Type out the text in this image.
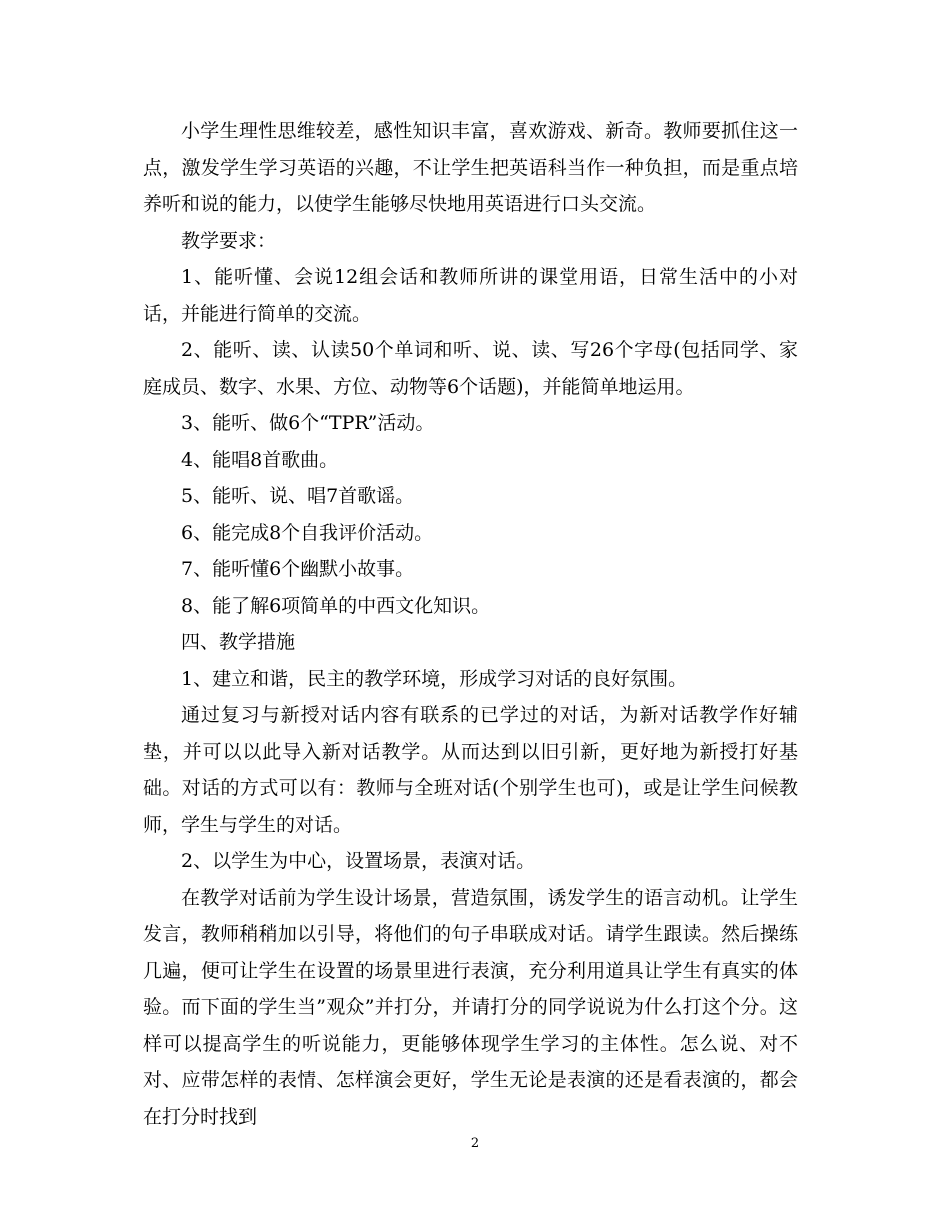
小学生理性思维较差，感性知识丰富，喜欢游戏、新奇。教师要抓住这一点，激发学生学习英语的兴趣，不让学生把英语科当作一种负担，而是重点培养听和说的能力，以使学生能够尽快地用英语进行口头交流。

教学要求：

1、能听懂、会说12组会话和教师所讲的课堂用语，日常生活中的小对话，并能进行简单的交流。

2、能听、读、认读50个单词和听、说、读、写26个字母(包括同学、家庭成员、数字、水果、方位、动物等6个话题)，并能简单地运用。

3、能听、做6个“TPR”活动。

4、能唱8首歌曲。

5、能听、说、唱7首歌谣。

6、能完成8个自我评价活动。

7、能听懂6个幽默小故事。

8、能了解6项简单的中西文化知识。

四、教学措施

1、建立和谐，民主的教学环境，形成学习对话的良好氛围。

通过复习与新授对话内容有联系的已学过的对话，为新对话教学作好辅垫，并可以以此导入新对话教学。从而达到以旧引新，更好地为新授打好基础。对话的方式可以有：教师与全班对话(个别学生也可)，或是让学生问候教师，学生与学生的对话。

2、以学生为中心，设置场景，表演对话。

在教学对话前为学生设计场景，营造氛围，诱发学生的语言动机。让学生发言，教师稍稍加以引导，将他们的句子串联成对话。请学生跟读。然后操练几遍，便可让学生在设置的场景里进行表演，充分利用道具让学生有真实的体验。而下面的学生当”观众”并打分，并请打分的同学说说为什么打这个分。这样可以提高学生的听说能力，更能够体现学生学习的主体性。怎么说、对不对、应带怎样的表情、怎样演会更好，学生无论是表演的还是看表演的，都会在打分时找到

2
